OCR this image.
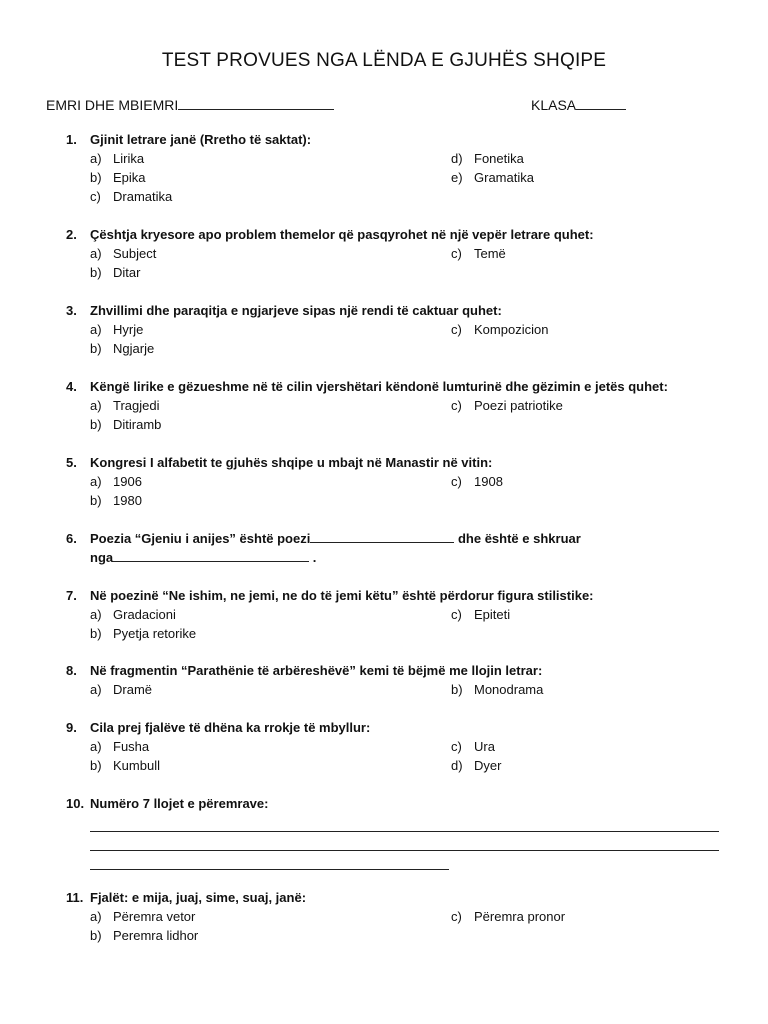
TEST PROVUES NGA LËNDA E GJUHËS SHQIPE
EMRI DHE MBIEMRI	KLASA
1.	Gjinit letrare janë (Rretho të saktat):
a) Lirika
b) Epika
c) Dramatika
d) Fonetika
e) Gramatika
2.	Çështja kryesore apo problem themelor që pasqyrohet në një vepër letrare quhet:
a) Subject
b) Ditar
c) Temë
3.	Zhvillimi dhe paraqitja e ngjarjeve sipas një rendi të caktuar quhet:
a) Hyrje
b) Ngjarje
c) Kompozicion
4.	Këngë lirike e gëzueshme në të cilin vjershëtari këndonë lumturinë dhe gëzimin e jetës quhet:
a) Tragjedi
b) Ditiramb
c) Poezi patriotike
5.	Kongresi I alfabetit te gjuhës shqipe u mbajt në Manastir në vitin:
a) 1906
b) 1980
c) 1908
6.	Poezia “Gjeniu i anijes” është poezi	dhe është e shkruar
nga	.
7.	Në poezinë “Ne ishim, ne jemi, ne do të jemi këtu” është përdorur figura stilistike:
a) Gradacioni
b) Pyetja retorike
c) Epiteti
8.	Në fragmentin “Parathënie të arbëreshëvë” kemi të bëjmë me llojin letrar:
a) Dramë	b) Monodrama
9.	Cila prej fjalëve të dhëna ka rrokje të mbyllur:
a) Fusha
b) Kumbull
c) Ura
d) Dyer
10. Numëro 7 llojet e përemrave:
11. Fjalët: e mija, juaj, sime, suaj, janë:
a) Përemra vetor
b) Peremra lidhor
c) Përemra pronor
